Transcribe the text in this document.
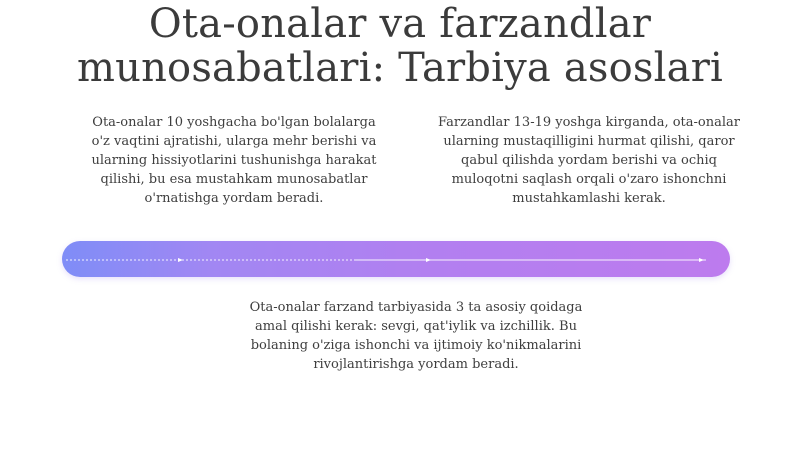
Ota-onalar va farzandlar
munosabatlari: Tarbiya asoslari

Ota-onalar 10 yoshgacha bo'lgan bolalarga o'z vaqtini ajratishi, ularga mehr berishi va ularning hissiyotlarini tushunishga harakat qilishi, bu esa mustahkam munosabatlar o'rnatishga yordam beradi.

Farzandlar 13-19 yoshga kirganda, ota-onalar ularning mustaqilligini hurmat qilishi, qaror qabul qilishda yordam berishi va ochiq muloqotni saqlash orqali o'zaro ishonchni mustahkamlashi kerak.

Ota-onalar farzand tarbiyasida 3 ta asosiy qoidaga amal qilishi kerak: sevgi, qat'iylik va izchillik. Bu bolaning o'ziga ishonchi va ijtimoiy ko'nikmalarini rivojlantirishga yordam beradi.
